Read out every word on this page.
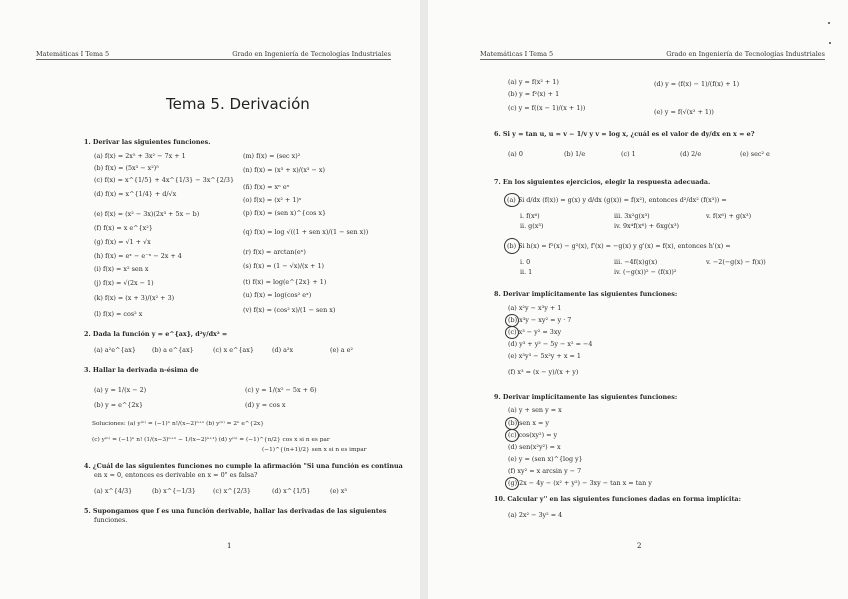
Matemáticas I Tema 5	Grado en Ingeniería de Tecnologías Industriales
Tema 5. Derivación
1. Derivar las siguientes funciones.
(a) f(x) = 2x⁵ + 3x² − 7x + 1
(b) f(x) = (5x³ − x²)⁵
(c) f(x) = x^{1/5} + 4x^{1/3} − 3x^{2/3}
(d) f(x) = x^{1/4} + d/√x
(e) f(x) = (x² − 3x)(2x³ + 5x − b)
(f) f(x) = x e^{x²}
(g) f(x) = √1 + √x
(h) f(x) = eˣ − e⁻ˣ − 2x + 4
(i) f(x) = x² sen x
(j) f(x) = √(2x − 1)
(k) f(x) = (x + 3)/(x² + 3)
(l) f(x) = cos² x
(m) f(x) = (sec x)²
(n) f(x) = (x³ + x)/(x³ − x)
(ñ) f(x) = xⁿ eˣ
(o) f(x) = (x² + 1)ˣ
(p) f(x) = (sen x)^{cos x}
(q) f(x) = log √((1 + sen x)/(1 − sen x))
(r) f(x) = arctan(eˣ)
(s) f(x) = (1 − √x)/(x + 1)
(t) f(x) = log(e^{2x} + 1)
(u) f(x) = log(cos² eˣ)
(v) f(x) = (cos² x)/(1 − sen x)
2. Dada la función y = e^{ax}, d²y/dx² =
(a) a²e^{ax}	(b) a e^{ax}	(c) x e^{ax}	(d) a²x	(e) a e²
3. Hallar la derivada n-ésima de
(a) y = 1/(x − 2)
(b) y = e^{2x}
(c) y = 1/(x² − 5x + 6)
(d) y = cos x
Soluciones: (a) y⁽ⁿ⁾ = (−1)ⁿ n!/(x−2)ⁿ⁺¹ (b) y⁽ⁿ⁾ = 2ⁿ e^{2x}
(c) y⁽ⁿ⁾ = (−1)ⁿ n! (1/(x−3)ⁿ⁺¹ − 1/(x−2)ⁿ⁺¹) (d) y⁽ⁿ⁾ = (−1)^{n/2} cos x si n es par
(−1)^{(n+1)/2} sen x si n es impar
4. ¿Cuál de las siguientes funciones no cumple la afirmación "Si una función es continua
en x = 0, entonces es derivable en x = 0" es falsa?
(a) x^{4/3}	(b) x^{−1/3}	(c) x^{2/3}	(d) x^{1/5}	(e) x³
5. Supongamos que f es una función derivable, hallar las derivadas de las siguientes
funciones.
1
Matemáticas I Tema 5	Grado en Ingeniería de Tecnologías Industriales
(a) y = f(x² + 1)
(b) y = f²(x) + 1
(c) y = f((x − 1)/(x + 1))
(d) y = (f(x) − 1)/(f(x) + 1)
(e) y = f(√(x² + 1))
6. Si y = tan u, u = v − 1/v y v = log x, ¿cuál es el valor de dy/dx en x = e?
(a) 0	(b) 1/e	(c) 1	(d) 2/e	(e) sec² e
7. En los siguientes ejercicios, elegir la respuesta adecuada.
(a) Si d/dx (f(x)) = g(x) y d/dx (g(x)) = f(x²), entonces d²/dx² (f(x³)) =
i. f(x⁶)	iii. 3x²g(x³)	v. f(x⁶) + g(x³)
ii. g(x³)	iv. 9x⁴f(x⁶) + 6xg(x³)
(b) Si h(x) = f²(x) − g²(x), f'(x) = −g(x) y g'(x) = f(x), entonces h'(x) =
i. 0	iii. −4f(x)g(x)	v. −2(−g(x) − f(x))
ii. 1	iv. (−g(x))² − (f(x))²
8. Derivar implícitamente las siguientes funciones:
(a) x²y − x³y + 1
(b) x³y − xy² = y · 7
(c) x³ − y² = 3xy
(d) y³ + y² − 5y − x² = −4
(e) x³y³ − 5x²y + x = 1
(f) x³ = (x − y)/(x + y)
9. Derivar implícitamente las siguientes funciones:
(a) y + sen y = x
(b) sen x = y
(c) cos(xy²) = y
(d) sen(x²y²) = x
(e) y = (sen x)^{log y}
(f) xy² = x arcsin y − 7
(g) 2x − 4y − (x² + y²) − 3xy − tan x = tan y
10. Calcular y'' en las siguientes funciones dadas en forma implícita:
(a) 2x² − 3y² = 4
2
